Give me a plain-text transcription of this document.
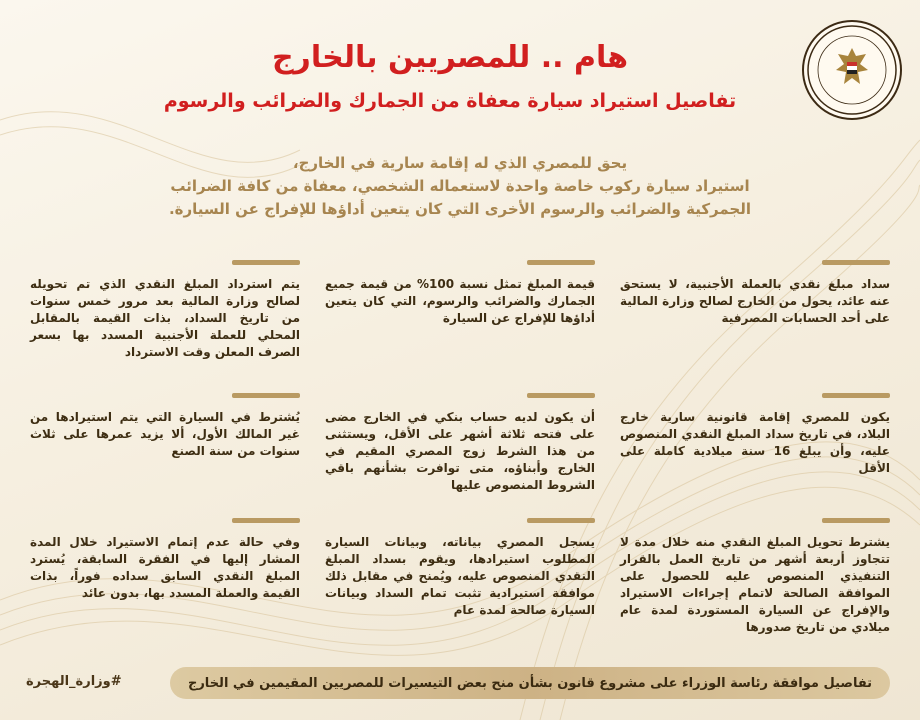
هام .. للمصريين بالخارج
تفاصيل استيراد سيارة معفاة من الجمارك والضرائب والرسوم
يحق للمصري الذي له إقامة سارية في الخارج،
استيراد سيارة ركوب خاصة واحدة لاستعماله الشخصي، معفاة من كافة الضرائب
الجمركية والضرائب والرسوم الأخرى التي كان يتعين أداؤها للإفراج عن السيارة.
سداد مبلغ نقدي بالعملة الأجنبية، لا يستحق عنه عائد، يحول من الخارج لصالح وزارة المالية على أحد الحسابات المصرفية
قيمة المبلغ تمثل نسبة 100% من قيمة جميع الجمارك والضرائب والرسوم، التي كان يتعين أداؤها للإفراج عن السيارة
يتم استرداد المبلغ النقدي الذي تم تحويله لصالح وزارة المالية بعد مرور خمس سنوات من تاريخ السداد، بذات القيمة بالمقابل المحلي للعملة الأجنبية المسدد بها بسعر الصرف المعلن وقت الاسترداد
يكون للمصري إقامة قانونية سارية خارج البلاد، في تاريخ سداد المبلغ النقدي المنصوص عليه، وأن يبلغ 16 سنة ميلادية كاملة على الأقل
أن يكون لديه حساب بنكي في الخارج مضى على فتحه ثلاثة أشهر على الأقل، ويستثنى من هذا الشرط زوج المصري المقيم في الخارج وأبناؤه، متى توافرت بشأنهم باقي الشروط المنصوص عليها
يُشترط في السيارة التي يتم استيرادها من غير المالك الأول، ألا يزيد عمرها على ثلاث سنوات من سنة الصنع
يشترط تحويل المبلغ النقدي منه خلال مدة لا تتجاوز أربعة أشهر من تاريخ العمل بالقرار التنفيذي المنصوص عليه للحصول على الموافقة الصالحة لاتمام إجراءات الاستيراد والإفراج عن السيارة المستوردة لمدة عام ميلادي من تاريخ صدورها
يسجل المصري بياناته، وبيانات السيارة المطلوب استيرادها، ويقوم بسداد المبلغ النقدي المنصوص عليه، ويُمنح في مقابل ذلك موافقة استيرادية تثبت تمام السداد وبيانات السيارة صالحة لمدة عام
وفي حالة عدم إتمام الاستيراد خلال المدة المشار إليها في الفقرة السابقة، يُسترد المبلغ النقدي السابق سداده فوراً، بذات القيمة والعملة المسدد بها، بدون عائد
تفاصيل موافقة رئاسة الوزراء على مشروع قانون بشأن منح بعض التيسيرات للمصريين المقيمين في الخارج
#وزارة_الهجرة
